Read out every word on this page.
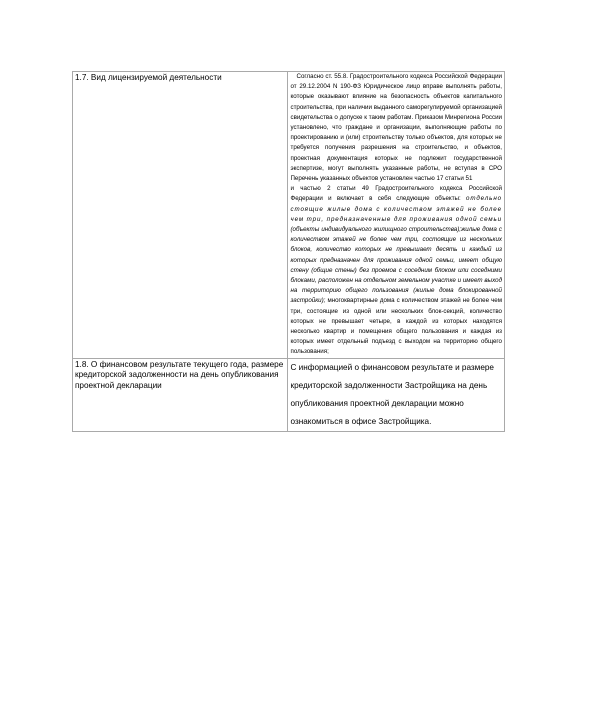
1.7. Вид лицензируемой деятельности	Согласно ст. 55.8. Градостроительного кодекса Российской Федерации от 29.12.2004 N 190-ФЗ Юридическое лицо вправе выполнять работы, которые оказывают влияние на безопасность объектов капитального строительства, при наличии выданного саморегулируемой организацией свидетельства о допуске к таким работам. Приказом Минрегиона России установлено, что граждане и организации, выполняющие работы по проектированию и (или) строительству только объектов, для которых не требуется получения разрешения на строительство, и объектов, проектная документация которых не подлежит государственной экспертизе, могут выполнять указанные работы, не вступая в СРО Перечень указанных объектов установлен частью 17 статьи 51

и частью 2 статьи 49 Градостроительного кодекса Российской Федерации и включает в себя следующие объекты: отдельно стоящие жилые дома с количеством этажей не более чем три, предназначенные для проживания одной семьи (объекты индивидуального жилищного строительства);жилые дома с количеством этажей не более чем три, состоящие из нескольких блоков, количество которых не превышает десять и каждый из которых предназначен для проживания одной семьи, имеет общую стену (общие стены) без проемов с соседним блоком или соседними блоками, расположен на отдельном земельном участке и имеет выход на территорию общего пользования (жилые дома блокированной застройки); многоквартирные дома с количеством этажей не более чем три, состоящие из одной или нескольких блок-секций, количество которых не превышает четыре, в каждой из которых находятся несколько квартир и помещения общего пользования и каждая из которых имеет отдельный подъезд с выходом на территорию общего пользования;

1.8. О финансовом результате текущего года, размере кредиторской задолженности на день опубликования проектной декларации	С информацией о финансовом результате и размере кредиторской задолженности Застройщика на день опубликования проектной декларации можно ознакомиться в офисе Застройщика.
